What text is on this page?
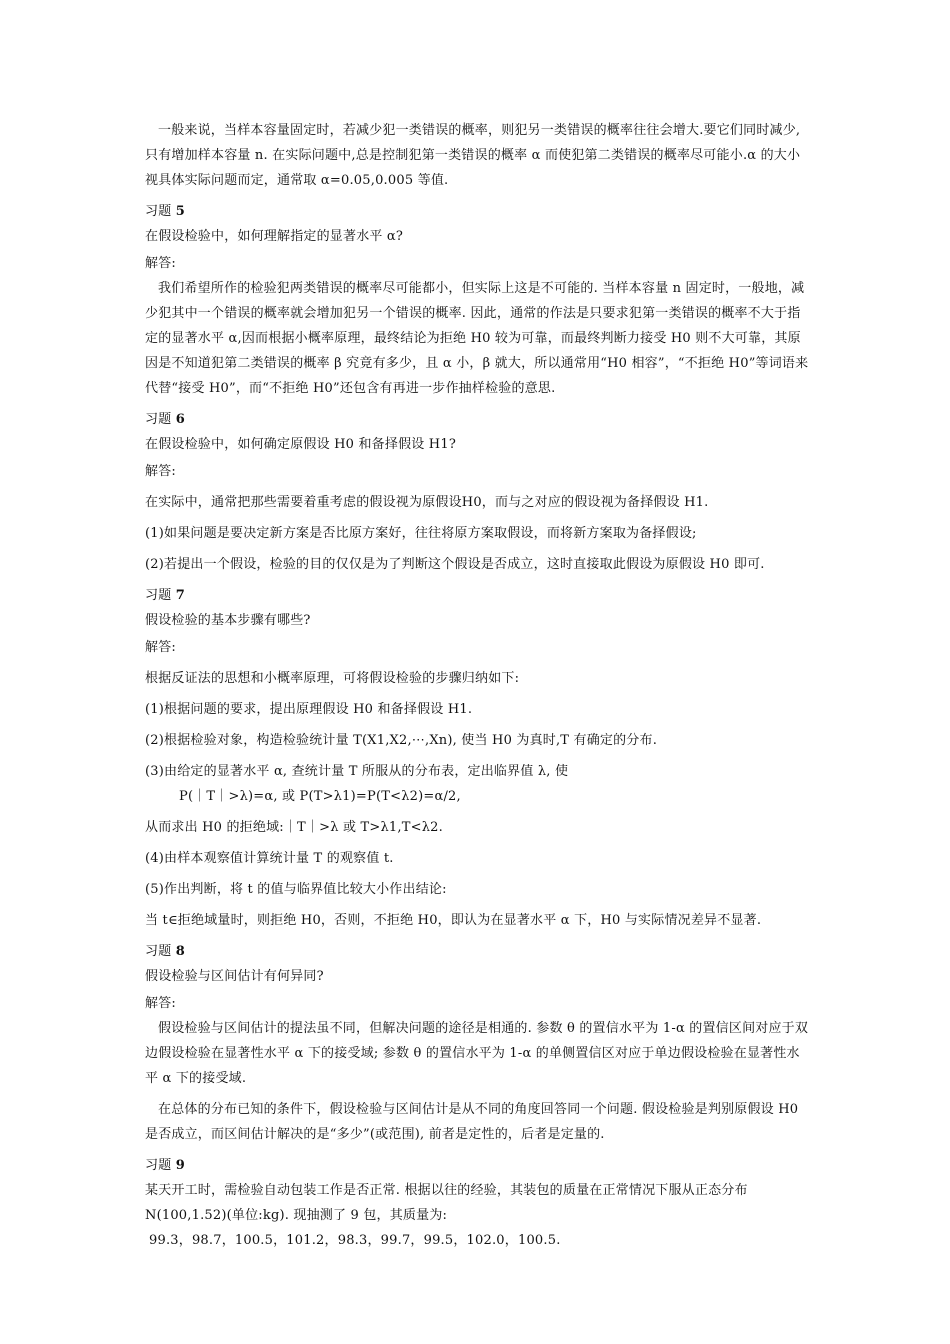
一般来说，当样本容量固定时，若减少犯一类错误的概率，则犯另一类错误的概率往往会增大.要它们同时减少,只有增加样本容量 n. 在实际问题中,总是控制犯第一类错误的概率 α 而使犯第二类错误的概率尽可能小.α 的大小视具体实际问题而定，通常取 α=0.05,0.005 等值.

习题 5

在假设检验中，如何理解指定的显著水平 α?

解答:

我们希望所作的检验犯两类错误的概率尽可能都小，但实际上这是不可能的. 当样本容量 n 固定时，一般地，减少犯其中一个错误的概率就会增加犯另一个错误的概率. 因此，通常的作法是只要求犯第一类错误的概率不大于指定的显著水平 α,因而根据小概率原理，最终结论为拒绝 H0 较为可靠，而最终判断力接受 H0 则不大可靠，其原因是不知道犯第二类错误的概率 β 究竟有多少，且 α 小，β 就大，所以通常用“H0 相容”，“不拒绝 H0”等词语来代替“接受 H0”，而“不拒绝 H0”还包含有再进一步作抽样检验的意思.

习题 6

在假设检验中，如何确定原假设 H0 和备择假设 H1?

解答:

在实际中，通常把那些需要着重考虑的假设视为原假设H0，而与之对应的假设视为备择假设 H1.

(1)如果问题是要决定新方案是否比原方案好，往往将原方案取假设，而将新方案取为备择假设;

(2)若提出一个假设，检验的目的仅仅是为了判断这个假设是否成立，这时直接取此假设为原假设 H0 即可.

习题 7

假设检验的基本步骤有哪些?

解答:

根据反证法的思想和小概率原理，可将假设检验的步骤归纳如下:

(1)根据问题的要求，提出原理假设 H0 和备择假设 H1.

(2)根据检验对象，构造检验统计量 T(X1,X2,⋯,Xn), 使当 H0 为真时,T 有确定的分布.

(3)由给定的显著水平 α, 查统计量 T 所服从的分布表，定出临界值 λ, 使

P(｜T｜>λ)=α, 或 P(T>λ1)=P(T<λ2)=α/2,

从而求出 H0 的拒绝域:｜T｜>λ 或 T>λ1,T<λ2.

(4)由样本观察值计算统计量 T 的观察值 t.

(5)作出判断，将 t 的值与临界值比较大小作出结论:

当 t∈拒绝域量时，则拒绝 H0，否则，不拒绝 H0，即认为在显著水平 α 下，H0 与实际情况差异不显著.

习题 8

假设检验与区间估计有何异同?

解答:

假设检验与区间估计的提法虽不同，但解决问题的途径是相通的. 参数 θ 的置信水平为 1-α 的置信区间对应于双边假设检验在显著性水平 α 下的接受域; 参数 θ 的置信水平为 1-α 的单侧置信区对应于单边假设检验在显著性水平 α 下的接受域.

在总体的分布已知的条件下，假设检验与区间估计是从不同的角度回答同一个问题. 假设检验是判别原假设 H0 是否成立，而区间估计解决的是“多少”(或范围), 前者是定性的，后者是定量的.

习题 9

某天开工时，需检验自动包装工作是否正常. 根据以往的经验，其装包的质量在正常情况下服从正态分布 N(100,1.52)(单位:kg). 现抽测了 9 包，其质量为:

99.3，98.7，100.5，101.2，98.3，99.7，99.5，102.0，100.5.
